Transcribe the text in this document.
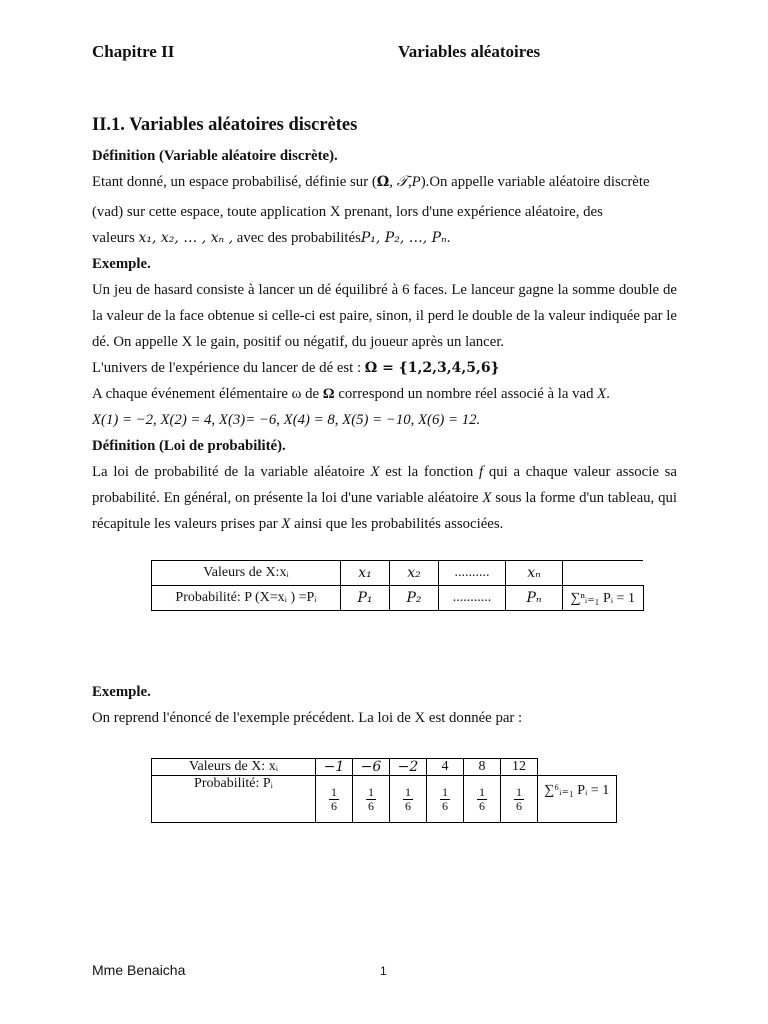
Chapitre II	Variables aléatoires
II.1. Variables aléatoires discrètes

Définition (Variable aléatoire discrète).

Etant donné, un espace probabilisé, définie sur (Ω, 𝒯,P).On appelle variable aléatoire discrète

(vad) sur cette espace, toute application X prenant, lors d'une expérience aléatoire, des

valeurs x₁, x₂, … , xₙ , avec des probabilitésP₁, P₂, …, Pₙ.

Exemple.

Un jeu de hasard consiste à lancer un dé équilibré à 6 faces. Le lanceur gagne la somme double de la valeur de la face obtenue si celle-ci est paire, sinon, il perd le double de la valeur indiquée par le dé. On appelle X le gain, positif ou négatif, du joueur après un lancer.

L'univers de l'expérience du lancer de dé est : Ω = {1,2,3,4,5,6}

A chaque événement élémentaire ω de Ω correspond un nombre réel associé à la vad X.

X(1) = −2, X(2) = 4, X(3)= −6, X(4) = 8, X(5) = −10, X(6) = 12.

Définition (Loi de probabilité).

La loi de probabilité de la variable aléatoire X est la fonction f qui a chaque valeur associe sa probabilité. En général, on présente la loi d'une variable aléatoire X sous la forme d'un tableau, qui récapitule les valeurs prises par X ainsi que les probabilités associées.

Valeurs de X:xᵢ	x₁	x₂	..........	xₙ	
Probabilité: P (X=xᵢ ) =Pᵢ	P₁	P₂	...........	Pₙ	∑ⁿᵢ₌₁ Pᵢ = 1

Exemple.

On reprend l'énoncé de l'exemple précédent. La loi de X est donnée par :

Valeurs de X: xᵢ	−1	−6	−2	4	8	12	
Probabilité: Pᵢ	$\frac{1}{6}$	$\frac{1}{6}$	$\frac{1}{6}$	$\frac{1}{6}$	$\frac{1}{6}$	$\frac{1}{6}$	∑⁶ᵢ₌₁ Pᵢ = 1
Mme Benaicha	1
